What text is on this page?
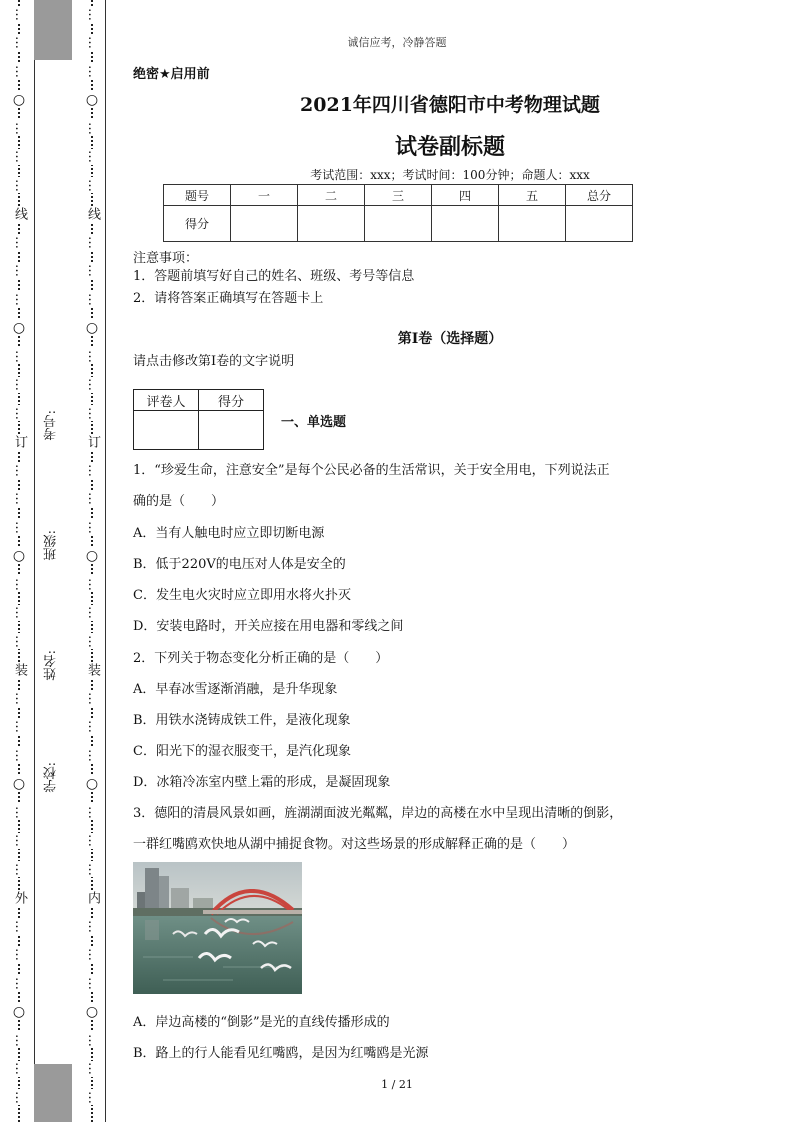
…
…
…
○
…
…
…
线
…
…
…
○
…
…
…
订
…
…
…
○
…
…
…
装
…
…
…
○
…
…
…
外
…
…
…
○
…
…
…
…
…
…
○
…
…
…
线
…
…
…
○
…
…
…
订
…
…
…
○
…
…
…
装
…
…
…
○
…
…
…
内
…
…
…
○
…
…
…
考号:
班级:
姓名:
学校:
诚信应考，冷静答题
绝密★启用前
2021年四川省德阳市中考物理试题
试卷副标题
考试范围：xxx；考试时间：100分钟；命题人：xxx
题号	一	二	三	四	五	总分
得分						
注意事项：
1．答题前填写好自己的姓名、班级、考号等信息
2．请将答案正确填写在答题卡上
第I卷（选择题）
请点击修改第I卷的文字说明
评卷人	得分

一、单选题
1．“珍爱生命，注意安全”是每个公民必备的生活常识，关于安全用电，下列说法正
确的是（　　）
A．当有人触电时应立即切断电源
B．低于220V的电压对人体是安全的
C．发生电火灾时应立即用水将火扑灭
D．安装电路时，开关应接在用电器和零线之间
2．下列关于物态变化分析正确的是（　　）
A．早春冰雪逐渐消融，是升华现象
B．用铁水浇铸成铁工件，是液化现象
C．阳光下的湿衣服变干，是汽化现象
D．冰箱冷冻室内壁上霜的形成，是凝固现象
3．德阳的清晨风景如画，旌湖湖面波光粼粼，岸边的高楼在水中呈现出清晰的倒影，
一群红嘴鸥欢快地从湖中捕捉食物。对这些场景的形成解释正确的是（　　）
A．岸边高楼的“倒影”是光的直线传播形成的
B．路上的行人能看见红嘴鸥，是因为红嘴鸥是光源
1 / 21
